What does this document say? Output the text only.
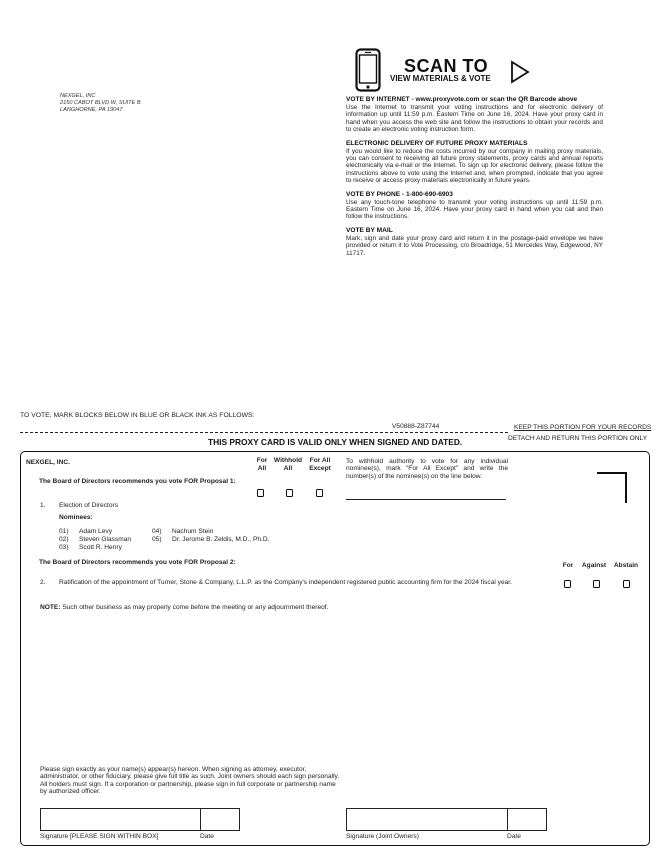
NEXGEL, INC
2150 CABOT BLVD W, SUITE B
LANGHORNE, PA 19047
SCAN TO
VIEW MATERIALS & VOTE
VOTE BY INTERNET - www.proxyvote.com or scan the QR Barcode above
Use the Internet to transmit your voting instructions and for electronic delivery of information up until 11:59 p.m. Eastern Time on June 16, 2024. Have your proxy card in hand when you access the web site and follow the instructions to obtain your records and to create an electronic voting instruction form.
ELECTRONIC DELIVERY OF FUTURE PROXY MATERIALS
If you would like to reduce the costs incurred by our company in mailing proxy materials, you can consent to receiving all future proxy statements, proxy cards and annual reports electronically via e-mail or the Internet. To sign up for electronic delivery, please follow the instructions above to vote using the Internet and, when prompted, indicate that you agree to receive or access proxy materials electronically in future years.
VOTE BY PHONE - 1-800-690-6903
Use any touch-tone telephone to transmit your voting instructions up until 11:59 p.m. Eastern Time on June 16, 2024. Have your proxy card in hand when you call and then follow the instructions.
VOTE BY MAIL
Mark, sign and date your proxy card and return it in the postage-paid envelope we have provided or return it to Vote Processing, c/o Broadridge, 51 Mercedes Way, Edgewood, NY 11717.
TO VOTE, MARK BLOCKS BELOW IN BLUE OR BLACK INK AS FOLLOWS:
V50888-Z87744	KEEP THIS PORTION FOR YOUR RECORDS
THIS PROXY CARD IS VALID ONLY WHEN SIGNED AND DATED.	DETACH AND RETURN THIS PORTION ONLY
NEXGEL, INC.	For
All
Withhold
All
For All
Except
To withhold authority to vote for any individual nominee(s), mark "For All Except" and write the number(s) of the nominee(s) on the line below.
The Board of Directors recommends you vote FOR Proposal 1:
1. Election of Directors
Nominees:
01) Adam Levy
02) Steven Glassman
03) Scott R. Henry
04) Nachum Stein
05) Dr. Jerome B. Zeldis, M.D., Ph.D.
The Board of Directors recommends you vote FOR Proposal 2:	For	Against	Abstain
2. Ratification of the appointment of Turner, Stone & Company, L.L.P. as the Company's independent registered public accounting firm for the 2024 fiscal year.
NOTE: Such other business as may properly come before the meeting or any adjournment thereof.
Please sign exactly as your name(s) appear(s) hereon. When signing as attorney, executor, administrator, or other fiduciary, please give full title as such. Joint owners should each sign personally. All holders must sign. If a corporation or partnership, please sign in full corporate or partnership name by authorized officer.
Signature [PLEASE SIGN WITHIN BOX]	Date	Signature (Joint Owners)	Date
